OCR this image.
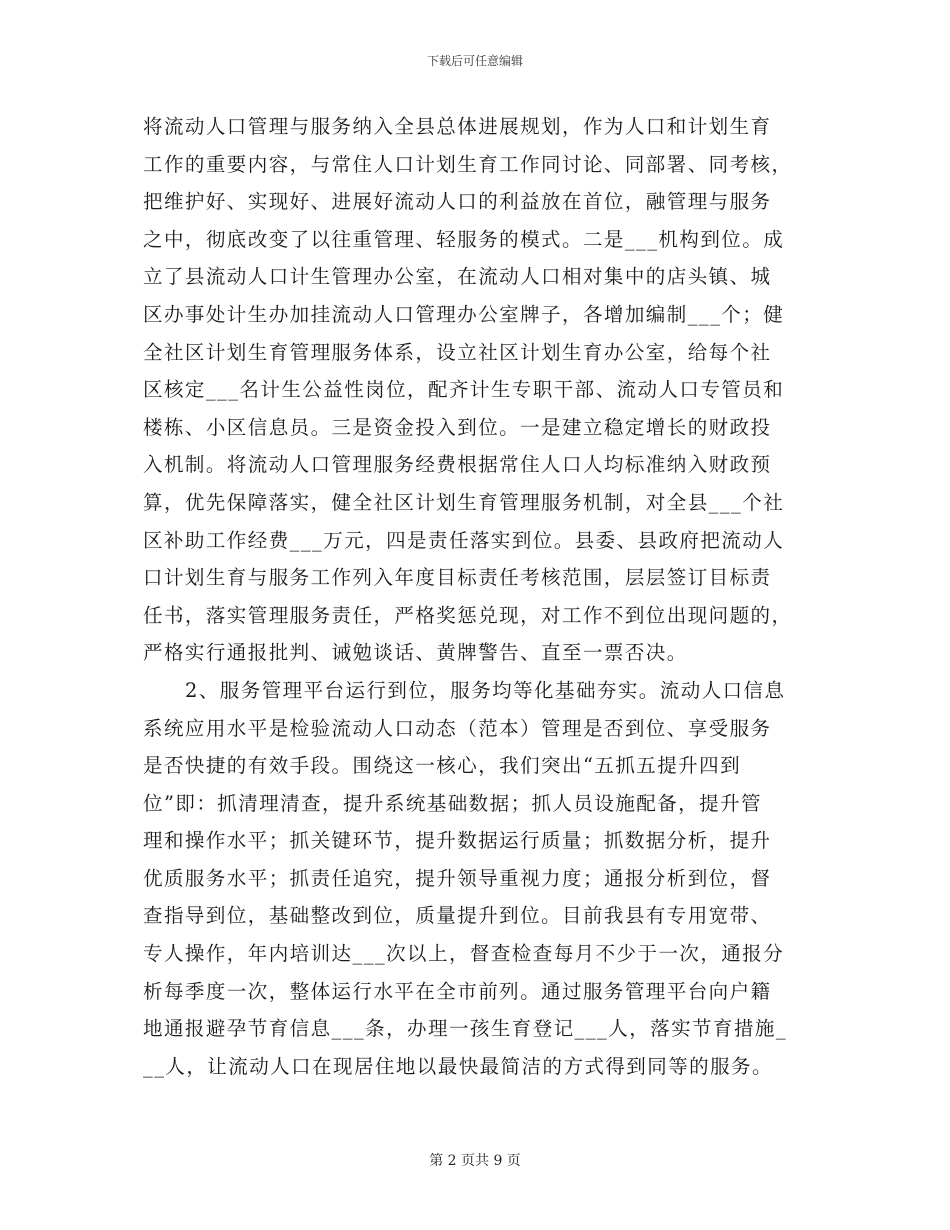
下载后可任意编辑
将流动人口管理与服务纳入全县总体进展规划，作为人口和计划生育
工作的重要内容，与常住人口计划生育工作同讨论、同部署、同考核，
把维护好、实现好、进展好流动人口的利益放在首位，融管理与服务
之中，彻底改变了以往重管理、轻服务的模式。二是___机构到位。成
立了县流动人口计生管理办公室，在流动人口相对集中的店头镇、城
区办事处计生办加挂流动人口管理办公室牌子，各增加编制___个；健
全社区计划生育管理服务体系，设立社区计划生育办公室，给每个社
区核定___名计生公益性岗位，配齐计生专职干部、流动人口专管员和
楼栋、小区信息员。三是资金投入到位。一是建立稳定增长的财政投
入机制。将流动人口管理服务经费根据常住人口人均标准纳入财政预
算，优先保障落实，健全社区计划生育管理服务机制，对全县___个社
区补助工作经费___万元，四是责任落实到位。县委、县政府把流动人
口计划生育与服务工作列入年度目标责任考核范围，层层签订目标责
任书，落实管理服务责任，严格奖惩兑现，对工作不到位出现问题的，
严格实行通报批判、诫勉谈话、黄牌警告、直至一票否决。
2、服务管理平台运行到位，服务均等化基础夯实。流动人口信息
系统应用水平是检验流动人口动态（范本）管理是否到位、享受服务
是否快捷的有效手段。围绕这一核心，我们突出“五抓五提升四到
位”即：抓清理清查，提升系统基础数据；抓人员设施配备，提升管
理和操作水平；抓关键环节，提升数据运行质量；抓数据分析，提升
优质服务水平；抓责任追究，提升领导重视力度；通报分析到位，督
查指导到位，基础整改到位，质量提升到位。目前我县有专用宽带、
专人操作，年内培训达___次以上，督查检查每月不少于一次，通报分
析每季度一次，整体运行水平在全市前列。通过服务管理平台向户籍
地通报避孕节育信息___条，办理一孩生育登记___人，落实节育措施_
__人，让流动人口在现居住地以最快最简洁的方式得到同等的服务。
第 2 页共 9 页
